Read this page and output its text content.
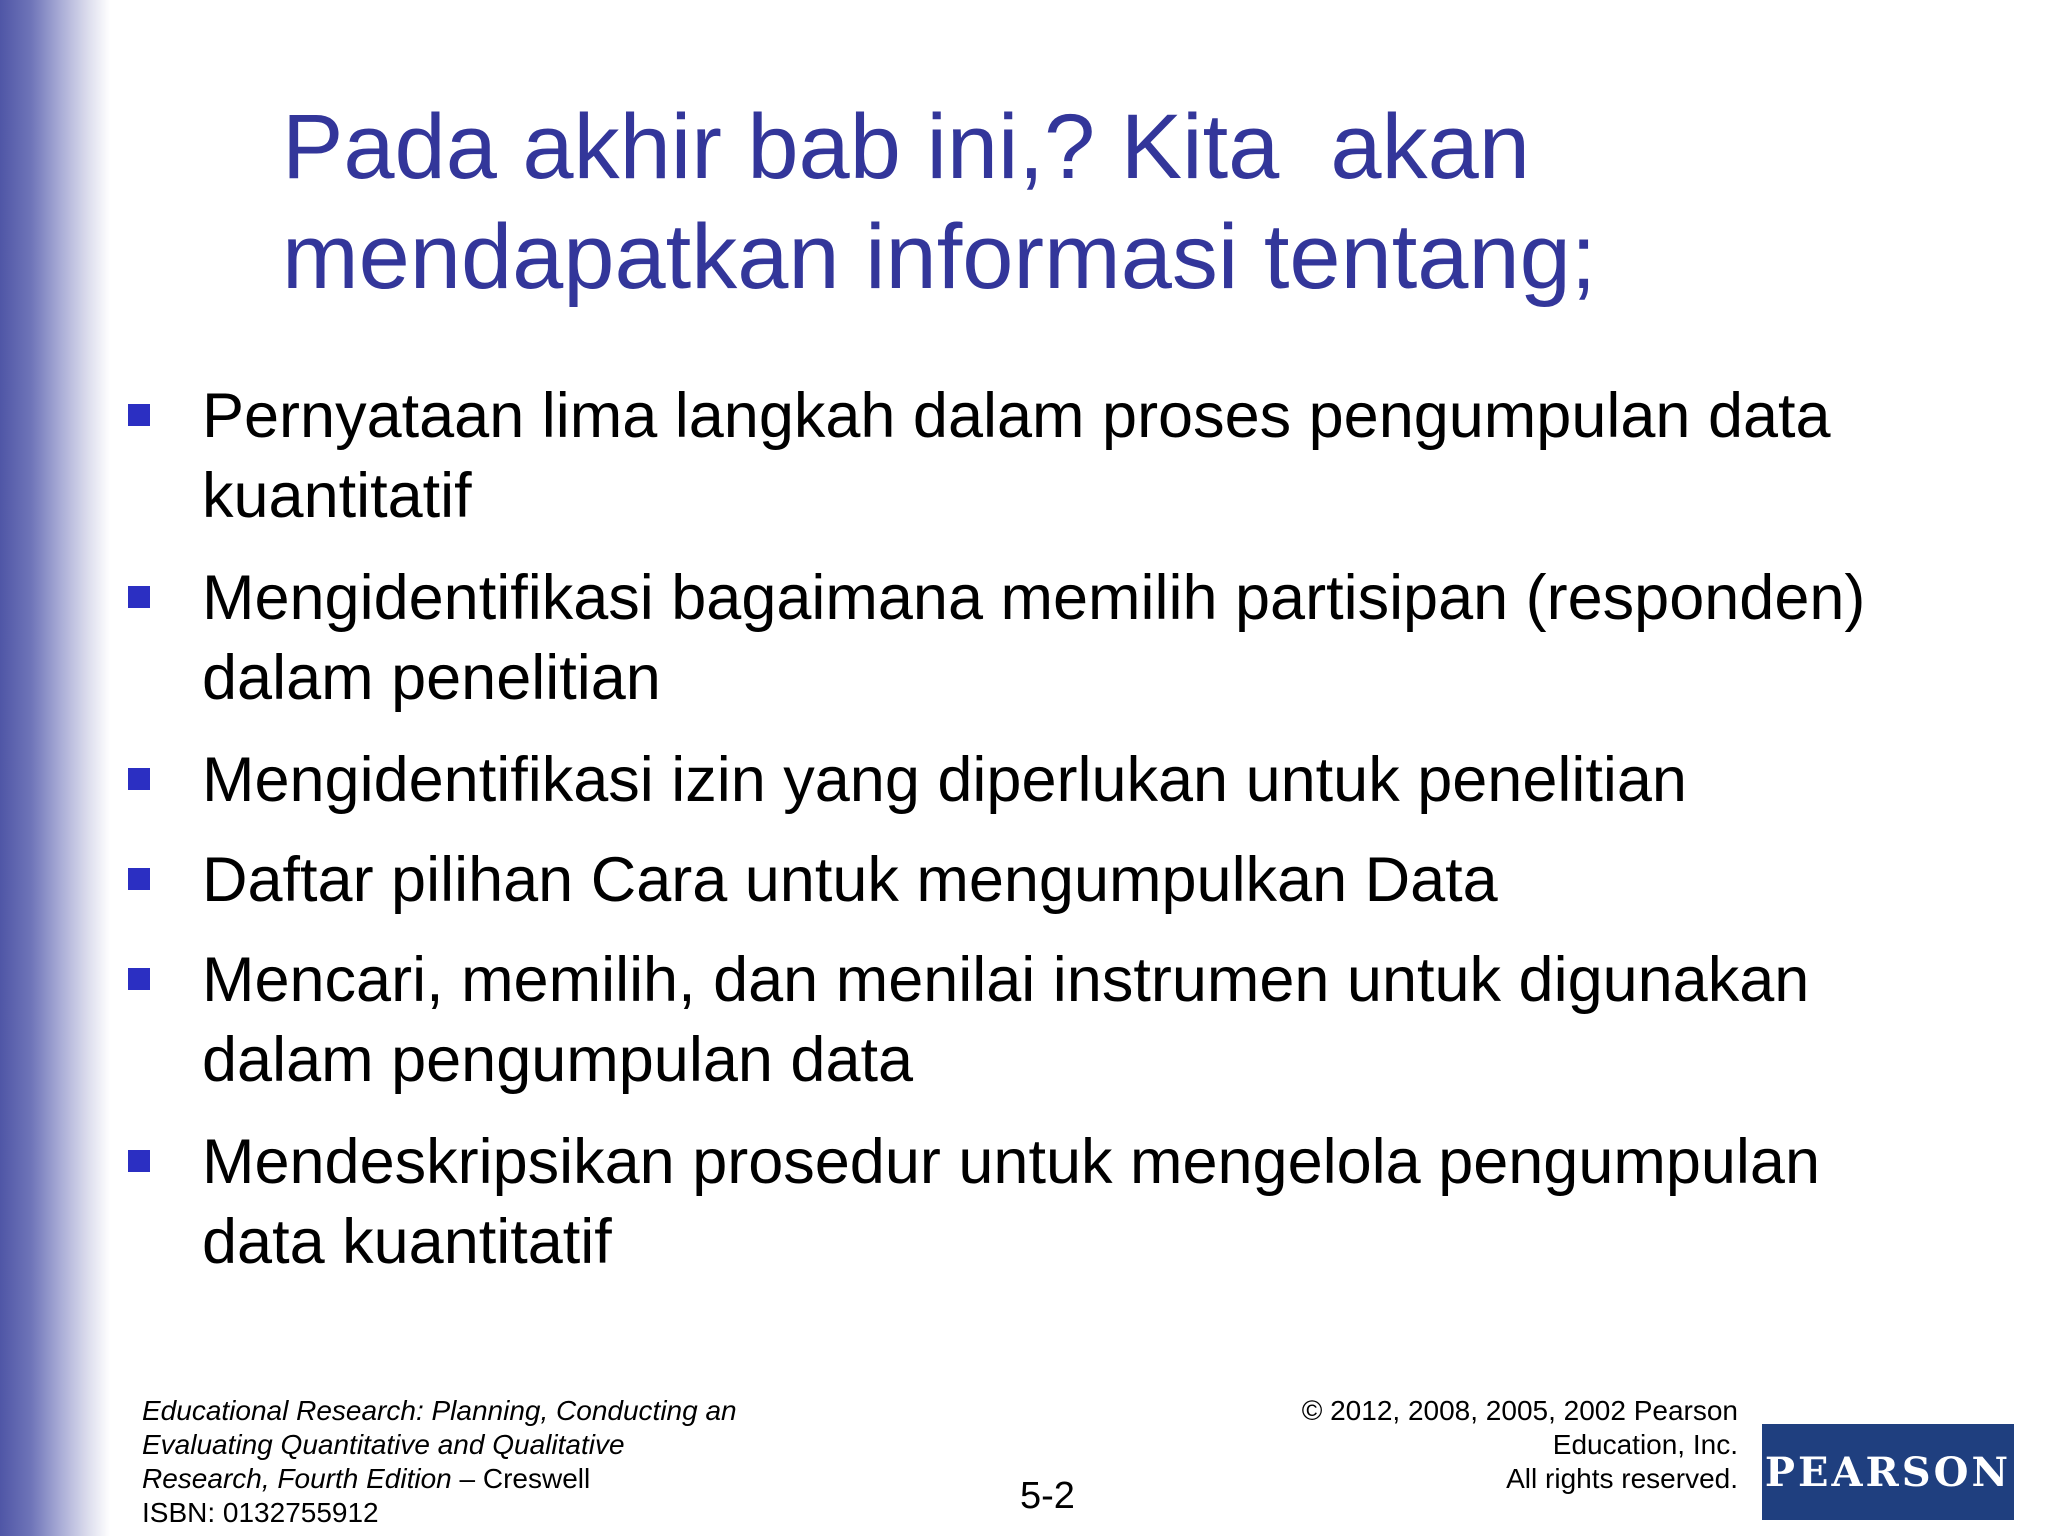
Pada akhir bab ini,? Kita  akan
mendapatkan informasi tentang;
Pernyataan lima langkah dalam proses pengumpulan data kuantitatif
Mengidentifikasi bagaimana memilih partisipan (responden) dalam penelitian
Mengidentifikasi izin yang diperlukan untuk penelitian
Daftar pilihan Cara untuk mengumpulkan Data
Mencari, memilih, dan menilai instrumen untuk digunakan dalam pengumpulan data
Mendeskripsikan prosedur untuk mengelola pengumpulan data kuantitatif
Educational Research: Planning, Conducting an
Evaluating Quantitative and Qualitative
Research, Fourth Edition – Creswell
ISBN: 0132755912	5-2
© 2012, 2008, 2005, 2002 Pearson
Education, Inc.
All rights reserved. PEARSON
